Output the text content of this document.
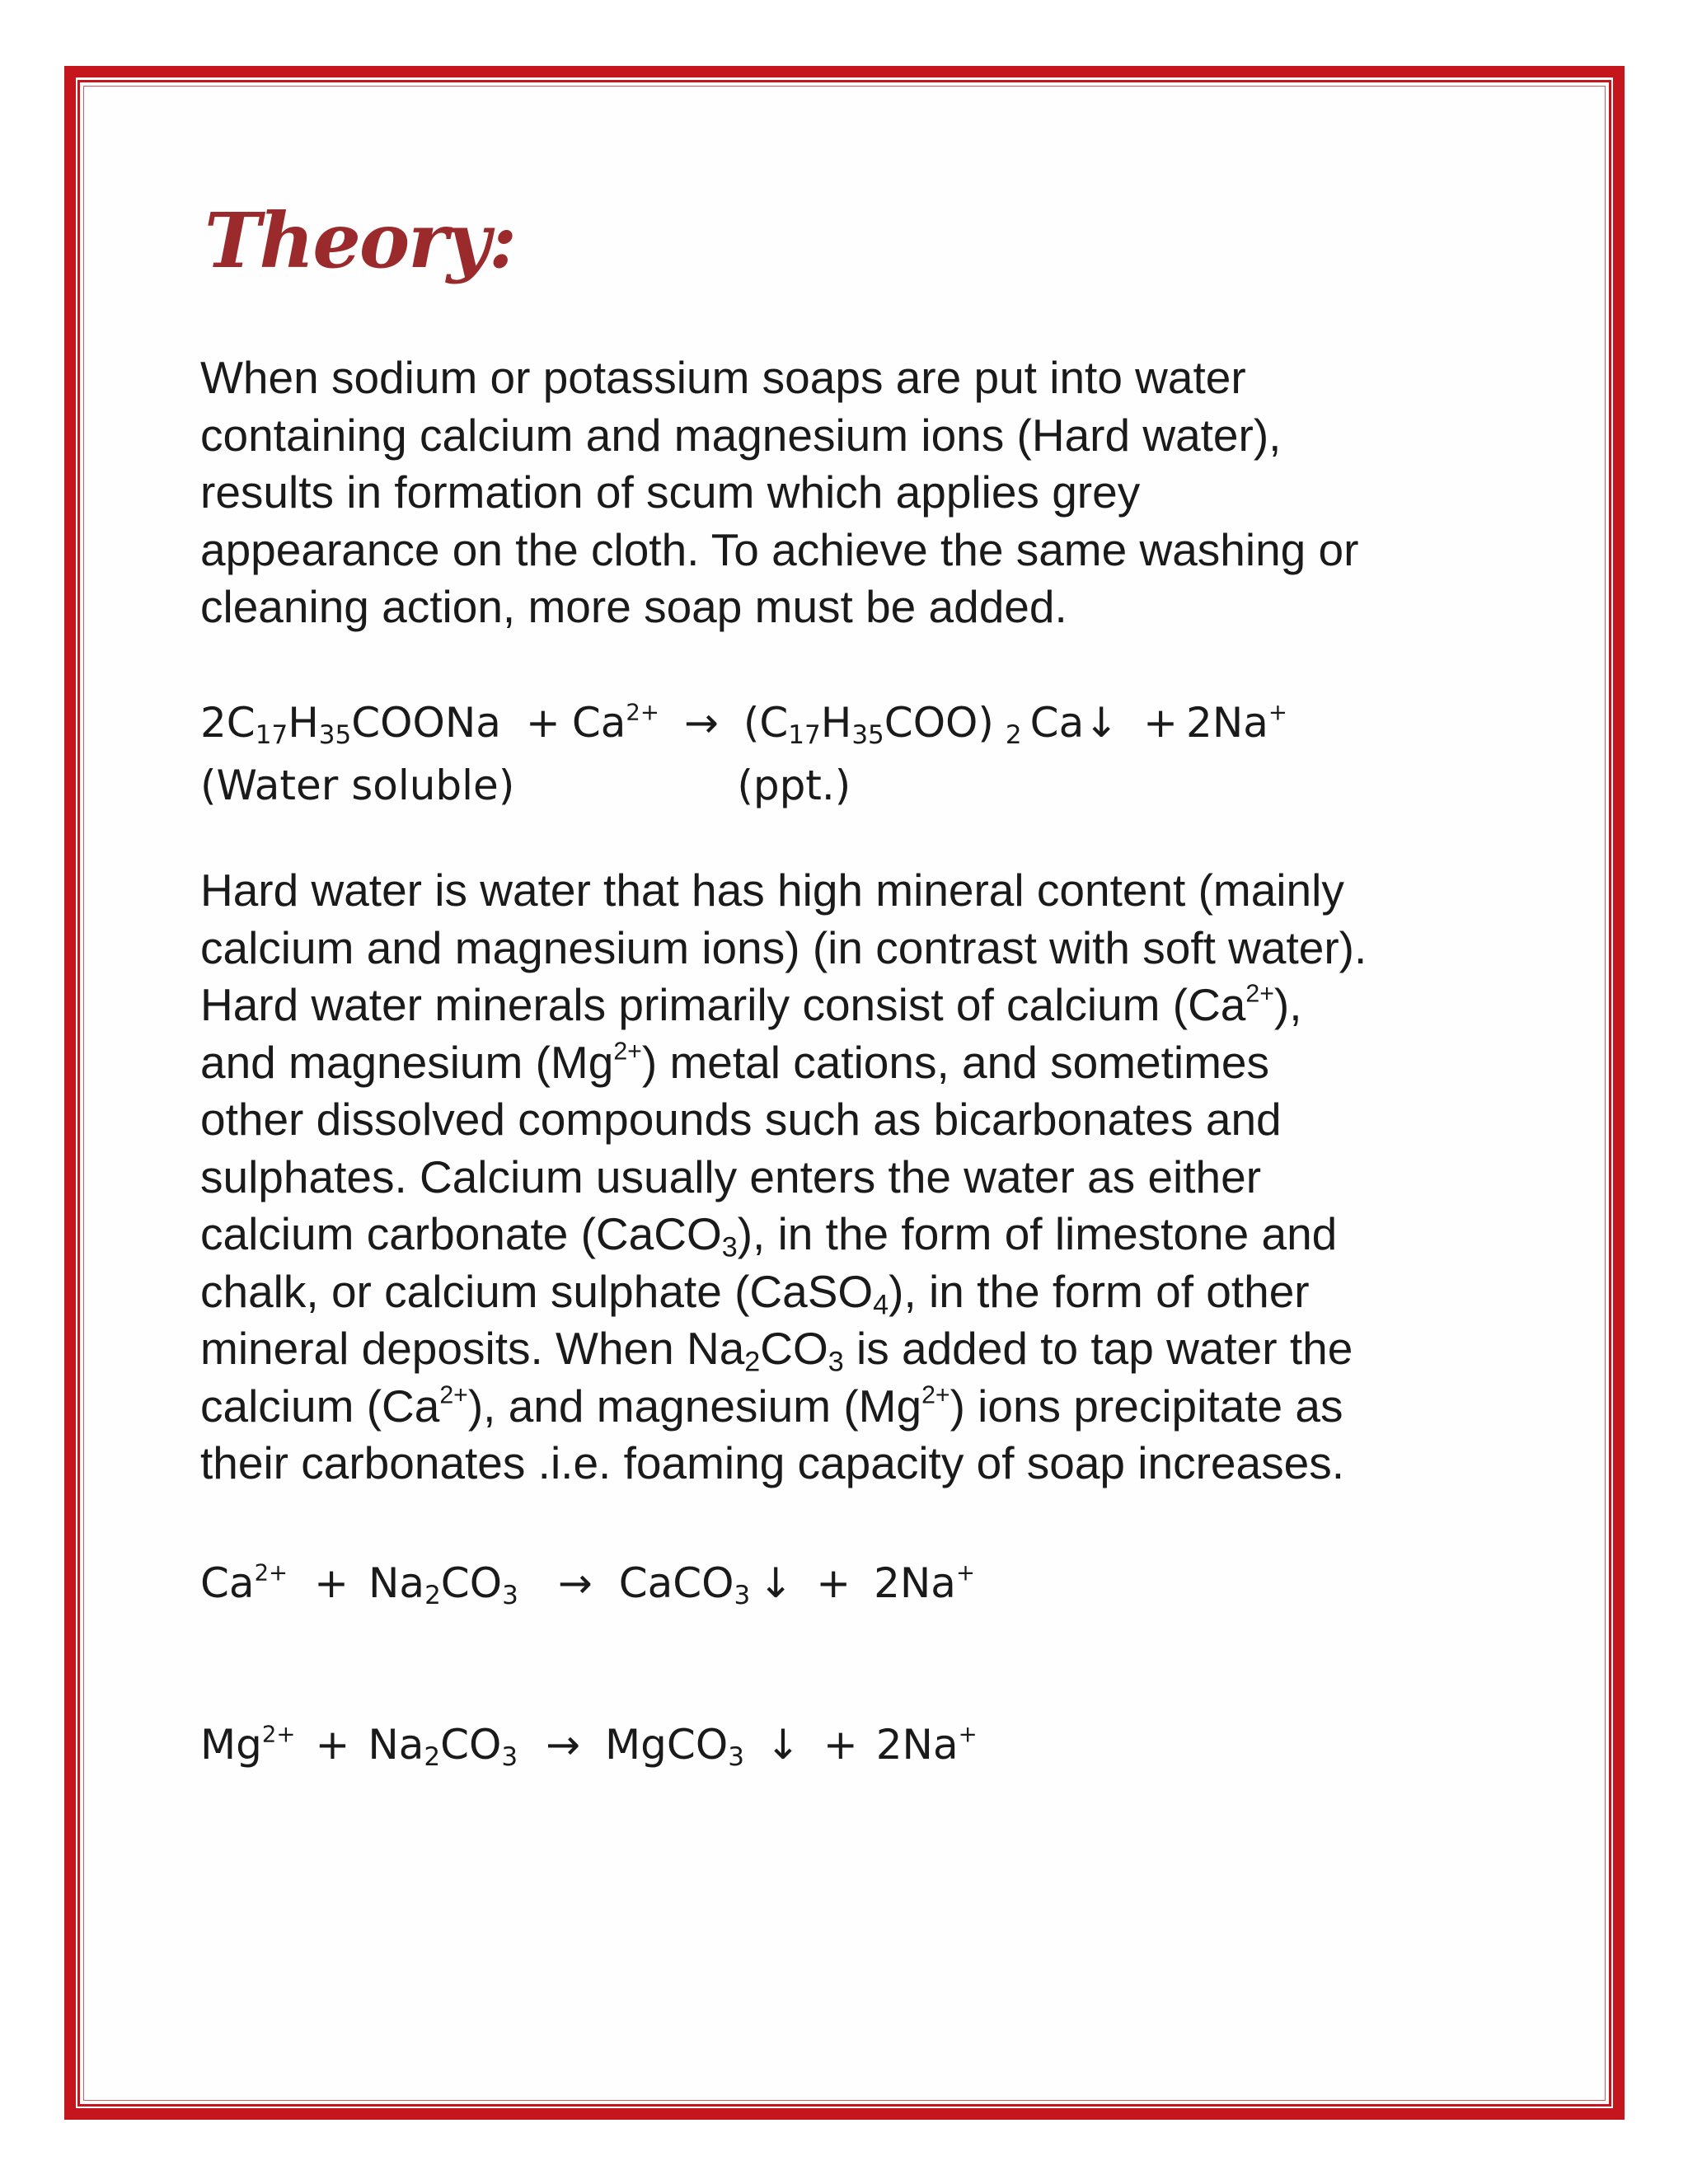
Theory:

When sodium or potassium soaps are put into water
containing calcium and magnesium ions (Hard water),
results in formation of scum which applies grey
appearance on the cloth. To achieve the same washing or
cleaning action, more soap must be added.

$2C_{17}H_{35}COONa + Ca^{2+} \to (C_{17}H_{35}COO)$ $_2$ Ca↓ + 2Na+
(Water soluble)	(ppt.)

Hard water is water that has high mineral content (mainly
calcium and magnesium ions) (in contrast with soft water).
Hard water minerals primarily consist of calcium $(Ca^{2+})$,
and magnesium $(Mg^{2+})$ metal cations, and sometimes
other dissolved compounds such as bicarbonates and
sulphates. Calcium usually enters the water as either
calcium carbonate (CaCO$_3$), in the form of limestone and
chalk, or calcium sulphate (CaSO$_4$), in the form of other
mineral deposits. When $Na_2CO_3$ is added to tap water the
calcium $(Ca^{2+})$, and magnesium $(Mg^{2+})$ ions precipitate as
their carbonates .i.e. foaming capacity of soap increases.

$Ca^{2+} + Na_2CO_3$ → CaCO$_3$ ↓ + 2Na+
$Mg^{2+} + Na_2CO_3$ → MgCO$_3$ ↓ + 2Na+
